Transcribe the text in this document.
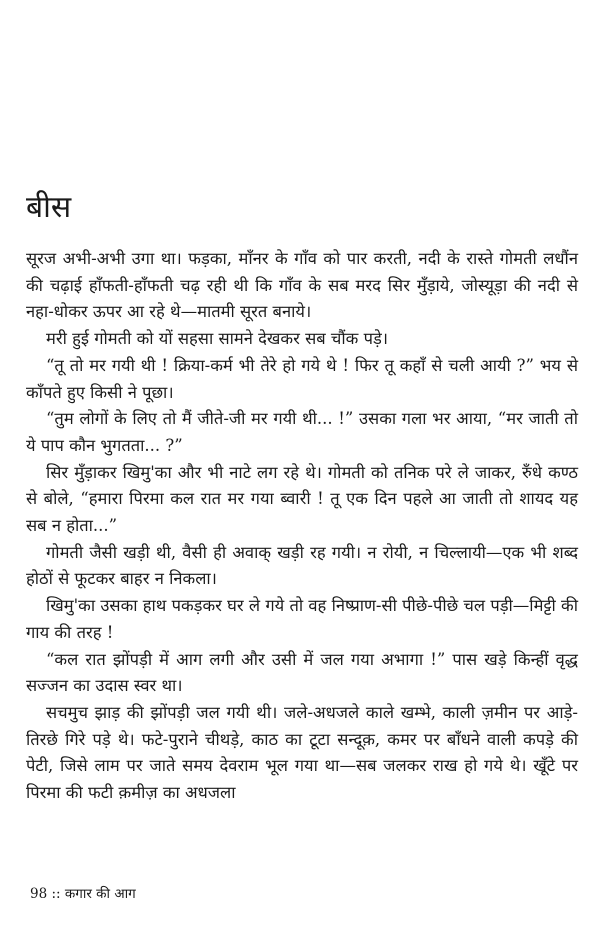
बीस

सूरज अभी-अभी उगा था। फड़का, माँनर के गाँव को पार करती, नदी के रास्ते गोमती लधौंन की चढ़ाई हाँफती-हाँफती चढ़ रही थी कि गाँव के सब मरद सिर मुँड़ाये, जोस्यूड़ा की नदी से नहा-धोकर ऊपर आ रहे थे—मातमी सूरत बनाये।

मरी हुई गोमती को यों सहसा सामने देखकर सब चौंक पड़े।

“तू तो मर गयी थी ! क्रिया-कर्म भी तेरे हो गये थे ! फिर तू कहाँ से चली आयी ?” भय से काँपते हुए किसी ने पूछा।

“तुम लोगों के लिए तो मैं जीते-जी मर गयी थी... !” उसका गला भर आया, “मर जाती तो ये पाप कौन भुगतता... ?”

सिर मुँड़ाकर खिमु'का और भी नाटे लग रहे थे। गोमती को तनिक परे ले जाकर, रुँधे कण्ठ से बोले, “हमारा पिरमा कल रात मर गया ब्वारी ! तू एक दिन पहले आ जाती तो शायद यह सब न होता...”

गोमती जैसी खड़ी थी, वैसी ही अवाक् खड़ी रह गयी। न रोयी, न चिल्लायी—एक भी शब्द होठों से फूटकर बाहर न निकला।

खिमु'का उसका हाथ पकड़कर घर ले गये तो वह निष्प्राण-सी पीछे-पीछे चल पड़ी—मिट्टी की गाय की तरह !

“कल रात झोंपड़ी में आग लगी और उसी में जल गया अभागा !” पास खड़े किन्हीं वृद्ध सज्जन का उदास स्वर था।

सचमुच झाड़ की झोंपड़ी जल गयी थी। जले-अधजले काले खम्भे, काली ज़मीन पर आड़े-तिरछे गिरे पड़े थे। फटे-पुराने चीथड़े, काठ का टूटा सन्दूक़, कमर पर बाँधने वाली कपड़े की पेटी, जिसे लाम पर जाते समय देवराम भूल गया था—सब जलकर राख हो गये थे। खूँटे पर पिरमा की फटी क़मीज़ का अधजला

98 :: कगार की आग
